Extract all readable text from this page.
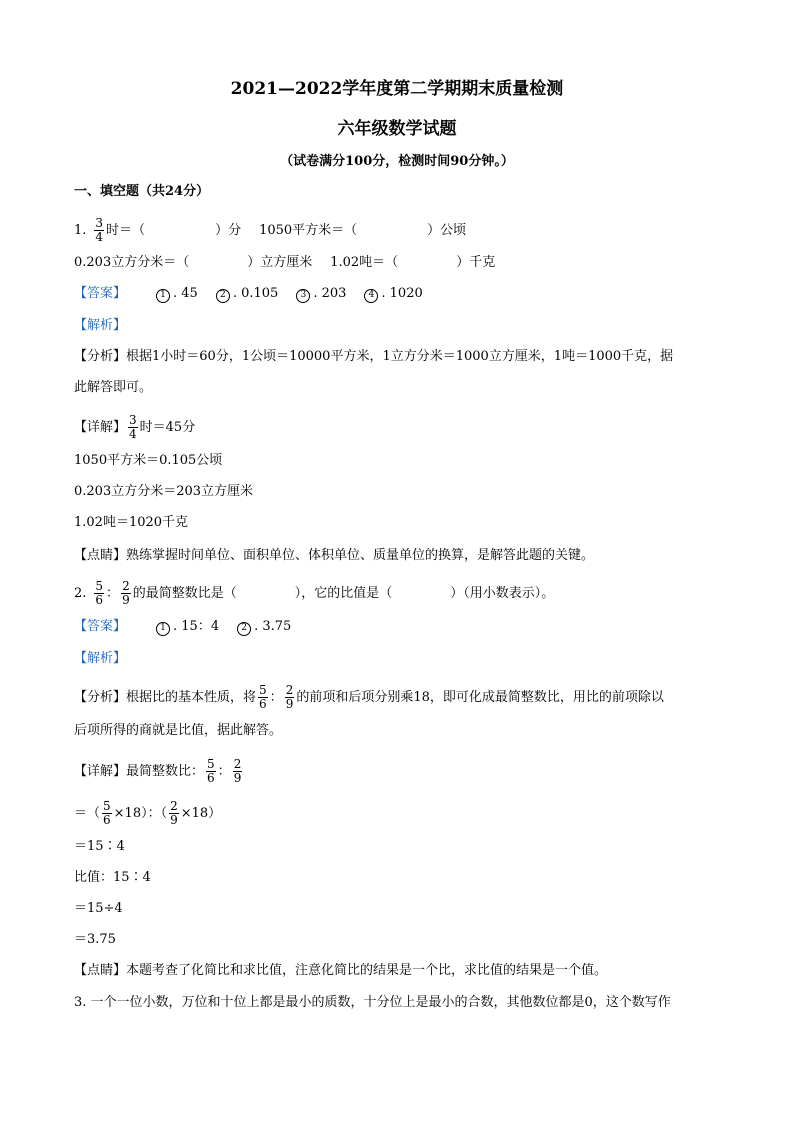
2021—2022学年度第二学期期末质量检测
六年级数学试题
（试卷满分100分，检测时间90分钟。）
一、填空题（共24分）
1. $\frac{3}{4}$ 时＝（	）分 1050平方米＝（	）公顷
0.203立方分米＝（	）立方厘米 1.02吨＝（	）千克
【答案】	1 . 45	2 . 0.105	3 . 203	4 . 1020
【解析】
【分析】 根据1小时＝60分，1公顷＝10000平方米，1立方分米＝1000立方厘米，1吨＝1000千克，据
此解答即可。
【详解】 $\frac{3}{4}$ 时＝45分
1050平方米＝0.105公顷
0.203立方分米＝203立方厘米
1.02吨＝1020千克
【点睛】 熟练掌握时间单位、面积单位、体积单位、质量单位的换算，是解答此题的关键。
2. $\frac{5}{6}$ ： $\frac{2}{9}$ 的最简整数比是（	），它的比值是（	）（用小数表示）。
【答案】	1 . 15：4	2 . 3.75
【解析】
【分析】 根据比的基本性质，将 $\frac{5}{6}$ ： $\frac{2}{9}$ 的前项和后项分别乘18，即可化成最简整数比，用比的前项除以
后项所得的商就是比值，据此解答。
【详解】 最简整数比： $\frac{5}{6}$ ： $\frac{2}{9}$
＝（ $\frac{5}{6} \times 18$）：（ $\frac{2}{9} \times 18$）
＝15∶4
比值：15∶4
＝15÷4
＝3.75
【点睛】 本题考查了化简比和求比值，注意化简比的结果是一个比，求比值的结果是一个值。
3. 一个一位小数，万位和十位上都是最小的质数，十分位上是最小的合数，其他数位都是0，这个数写作
